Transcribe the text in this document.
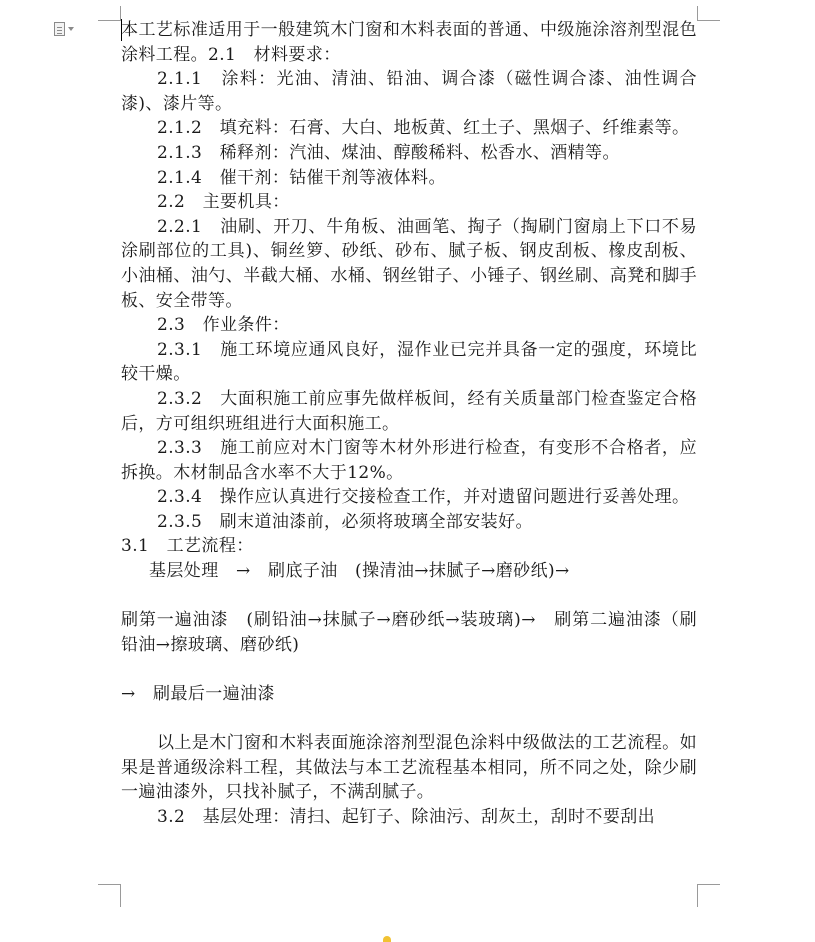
本工艺标准适用于一般建筑木门窗和木料表面的普通、中级施涂溶剂型混色涂料工程。2.1　材料要求：

2.1.1　涂料：光油、清油、铅油、调合漆（磁性调合漆、油性调合漆)、漆片等。

2.1.2　填充料：石膏、大白、地板黄、红土子、黑烟子、纤维素等。

2.1.3　稀释剂：汽油、煤油、醇酸稀料、松香水、酒精等。

2.1.4　催干剂：钴催干剂等液体料。

2.2　主要机具：

2.2.1　油刷、开刀、牛角板、油画笔、掏子（掏刷门窗扇上下口不易涂刷部位的工具)、铜丝箩、砂纸、砂布、腻子板、钢皮刮板、橡皮刮板、小油桶、油勺、半截大桶、水桶、钢丝钳子、小锤子、钢丝刷、高凳和脚手板、安全带等。

2.3　作业条件：

2.3.1　施工环境应通风良好，湿作业已完并具备一定的强度，环境比较干燥。

2.3.2　大面积施工前应事先做样板间，经有关质量部门检查鉴定合格后，方可组织班组进行大面积施工。

2.3.3　施工前应对木门窗等木材外形进行检查，有变形不合格者，应拆换。木材制品含水率不大于12%。

2.3.4　操作应认真进行交接检查工作，并对遗留问题进行妥善处理。

2.3.5　刷末道油漆前，必须将玻璃全部安装好。

3.1　工艺流程：

基层处理　→　刷底子油　(操清油→抹腻子→磨砂纸)→

刷第一遍油漆　(刷铅油→抹腻子→磨砂纸→装玻璃)→　刷第二遍油漆（刷铅油→擦玻璃、磨砂纸)

→　刷最后一遍油漆

以上是木门窗和木料表面施涂溶剂型混色涂料中级做法的工艺流程。如果是普通级涂料工程，其做法与本工艺流程基本相同，所不同之处，除少刷一遍油漆外，只找补腻子，不满刮腻子。

3.2　基层处理：清扫、起钉子、除油污、刮灰土，刮时不要刮出
